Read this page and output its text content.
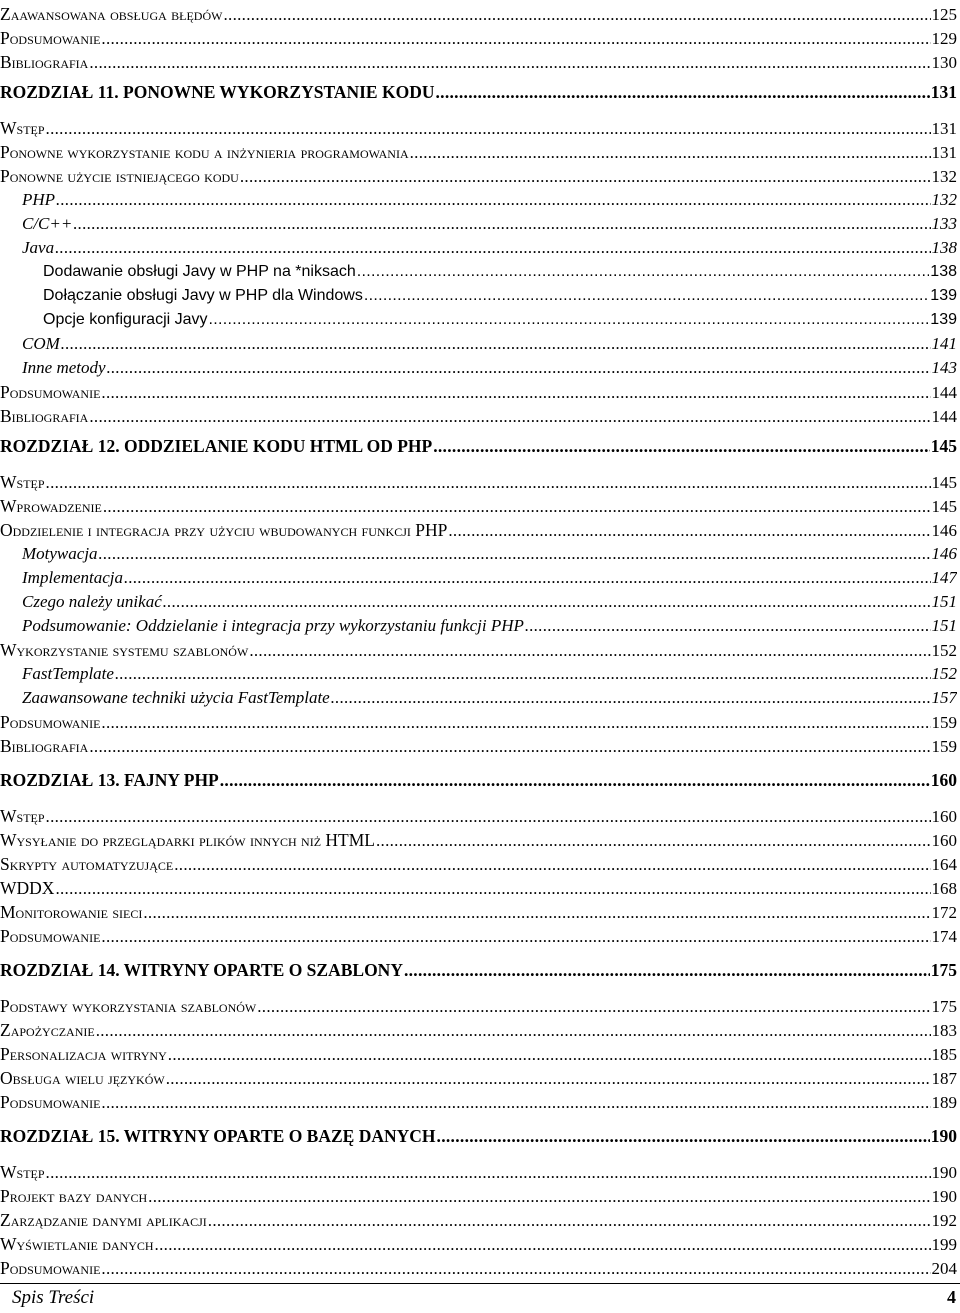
Zaawansowana obsługa błędów .....	125
Podsumowanie .....	129
Bibliografia .....	130
ROZDZIAŁ 11. PONOWNE WYKORZYSTANIE KODU .....	131
Wstęp .....	131
Ponowne wykorzystanie kodu a inżynieria programowania .....	131
Ponowne użycie istniejącego kodu .....	132
PHP .....	132
C/C++ .....	133
Java .....	138
Dodawanie obsługi Javy w PHP na *niksach .....	138
Dołączanie obsługi Javy w PHP dla Windows .....	139
Opcje konfiguracji Javy .....	139
COM .....	141
Inne metody .....	143
Podsumowanie .....	144
Bibliografia .....	144
ROZDZIAŁ 12. ODDZIELANIE KODU HTML OD PHP .....	145
Wstęp .....	145
Wprowadzenie .....	145
Oddzielenie i integracja przy użyciu wbudowanych funkcji PHP .....	146
Motywacja .....	146
Implementacja .....	147
Czego należy unikać .....	151
Podsumowanie: Oddzielanie i integracja przy wykorzystaniu funkcji PHP .....	151
Wykorzystanie systemu szablonów .....	152
FastTemplate .....	152
Zaawansowane techniki użycia FastTemplate .....	157
Podsumowanie .....	159
Bibliografia .....	159
ROZDZIAŁ 13. FAJNY PHP .....	160
Wstęp .....	160
Wysyłanie do przeglądarki plików innych niż HTML .....	160
Skrypty automatyzujące .....	164
WDDX .....	168
Monitorowanie sieci .....	172
Podsumowanie .....	174
ROZDZIAŁ 14. WITRYNY OPARTE O SZABLONY .....	175
Podstawy wykorzystania szablonów .....	175
Zapożyczanie .....	183
Personalizacja witryny .....	185
Obsługa wielu języków .....	187
Podsumowanie .....	189
ROZDZIAŁ 15. WITRYNY OPARTE O BAZĘ DANYCH .....	190
Wstęp .....	190
Projekt bazy danych .....	190
Zarządzanie danymi aplikacji .....	192
Wyświetlanie danych .....	199
Podsumowanie .....	204
Spis Treści	4
